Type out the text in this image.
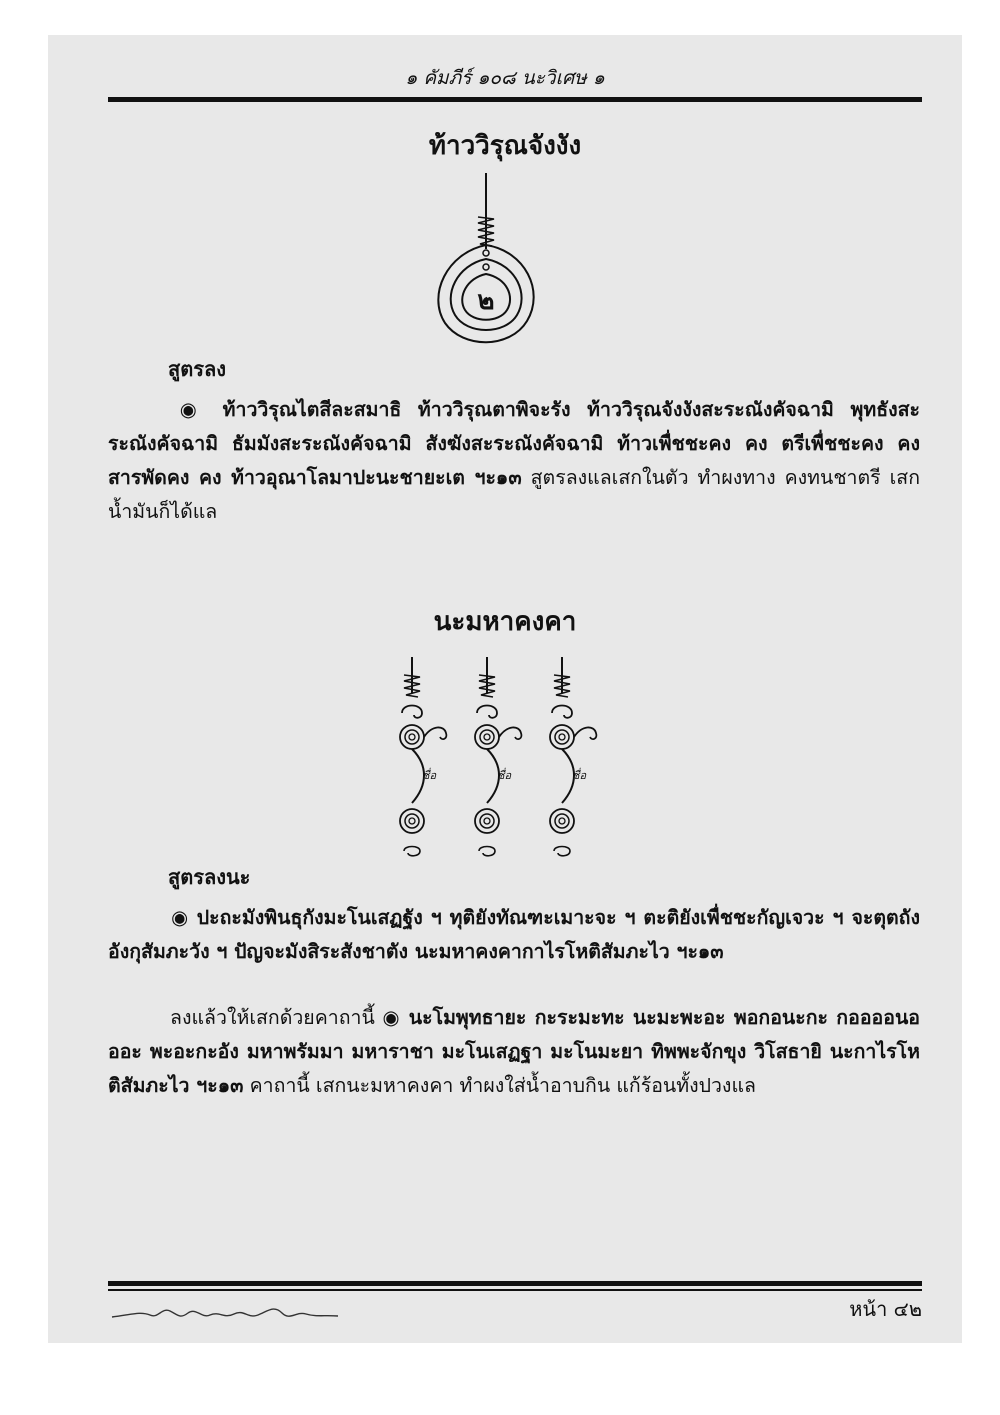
๑ คัมภีร์ ๑๐๘ นะวิเศษ ๑
ท้าววิรุณจังงัง
๒
สูตรลง
◉ ท้าววิรุณไตสีละสมาธิ ท้าววิรุณตาพิจะรัง ท้าววิรุณจังงังสะระณังคัจฉามิ พุทธังสะระณังคัจฉามิ ธัมมังสะระณังคัจฉามิ สังฆังสะระณังคัจฉามิ ท้าวเพื่ชชะคง คง ตรีเพื่ชชะคง คง สารพัดคง คง ท้าวอุณาโลมาปะนะชายะเต ฯะ๑๓ สูตรลงแลเสกในตัว ทำผงทาง คงทนชาตรี เสกน้ำมันก็ได้แล
นะมหาคงคา
ชื่อ	ชื่อ	ชื่อ
สูตรลงนะ
◉ ปะถะมังพินธุกังมะโนเสฏฐัง ฯ ทุติยังทัณฑะเมาะจะ ฯ ตะติยังเพื่ชชะกัญเจวะ ฯ จะตุตถังอังกุสัมภะวัง ฯ ปัญจะมังสิระสังชาตัง นะมหาคงคากาไรโหติสัมภะไว ฯะ๑๓
ลงแล้วให้เสกด้วยคาถานี้ ◉ นะโมพุทธายะ กะระมะทะ นะมะพะอะ พอกอนะกะ กออออนอออะ พะอะกะอัง มหาพรัมมา มหาราชา มะโนเสฏฐา มะโนมะยา ทิพพะจักขุง วิโสธายิ นะกาไรโหติสัมภะไว ฯะ๑๓ คาถานี้ เสกนะมหาคงคา ทำผงใส่น้ำอาบกิน แก้ร้อนทั้งปวงแล
หน้า ๔๒
